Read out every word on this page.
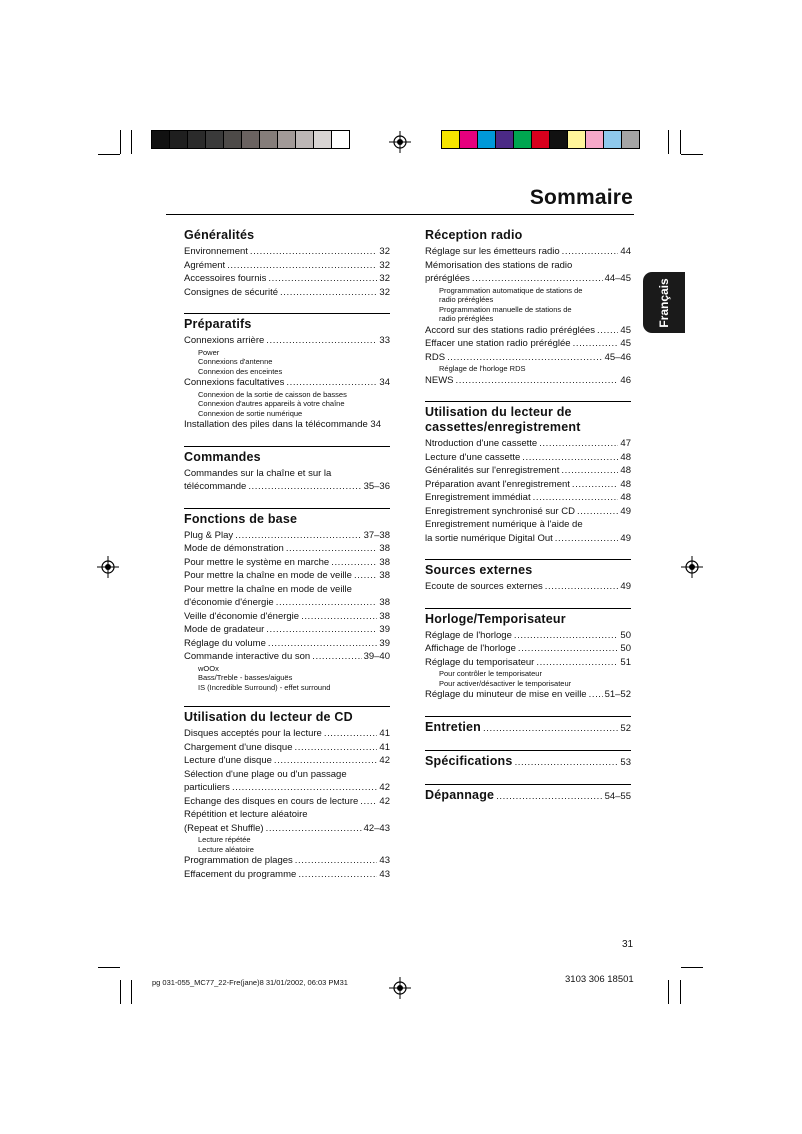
Sommaire
Français
Généralités
Environnement .....	32
Agrément .....	32
Accessoires fournis .....	32
Consignes de sécurité .....	32
Préparatifs
Connexions arrière .....	33
Power
Connexions d'antenne
Connexion des enceintes
Connexions facultatives .....	34
Connexion de la sortie de caisson de basses
Connexion d'autres appareils à votre chaîne
Connexion de sortie numérique
Installation des piles dans la télécommande 34
Commandes
Commandes sur la chaîne et sur la
télécommande .....	35–36
Fonctions de base
Plug & Play .....	37–38
Mode de démonstration .....	38
Pour mettre le système en marche .....	38
Pour mettre la chaîne en mode de veille .....	38
Pour mettre la chaîne en mode de veille
d'économie d'énergie .....	38
Veille d'économie d'énergie .....	38
Mode de gradateur .....	39
Réglage du volume .....	39
Commande interactive du son .....	39–40
wOOx
Bass/Treble - basses/aiguës
IS (Incredible Surround) - effet surround
Utilisation du lecteur de CD
Disques acceptés pour la lecture .....	41
Chargement d'une disque .....	41
Lecture d'une disque .....	42
Sélection d'une plage ou d'un passage
particuliers .....	42
Echange des disques en cours de lecture ..... 42
Répétition et lecture aléatoire
(Repeat et Shuffle) .....	42–43
Lecture répétée
Lecture aléatoire
Programmation de plages .....	43
Effacement du programme .....	43
Réception radio
Réglage sur les émetteurs radio .....	44
Mémorisation des stations de radio
préréglées .....	44–45
Programmation automatique de stations de
radio préréglées
Programmation manuelle de stations de
radio préréglées
Accord sur des stations radio préréglées .....	45
Effacer une station radio préréglée .....	45
RDS .....	45–46
Réglage de l'horloge RDS
NEWS .....	46
Utilisation du lecteur de
cassettes/enregistrement
Ntroduction d'une cassette .....	47
Lecture d'une cassette .....	48
Généralités sur l'enregistrement .....	48
Préparation avant l'enregistrement .....	48
Enregistrement immédiat .....	48
Enregistrement synchronisé sur CD .....	49
Enregistrement numérique à l'aide de
la sortie numérique Digital Out .....	49
Sources externes
Ecoute de sources externes .....	49
Horloge/Temporisateur
Réglage de l'horloge .....	50
Affichage de l'horloge .....	50
Réglage du temporisateur .....	51
Pour contrôler le temporisateur
Pour activer/désactiver le temporisateur
Réglage du minuteur de mise en veille ..... 51–52
Entretien .....	52
Spécifications .....	53
Dépannage .....	54–55
31
pg 031-055_MC77_22-Fre(jane)8 31/01/2002, 06:03 PM31	3103 306 18501
